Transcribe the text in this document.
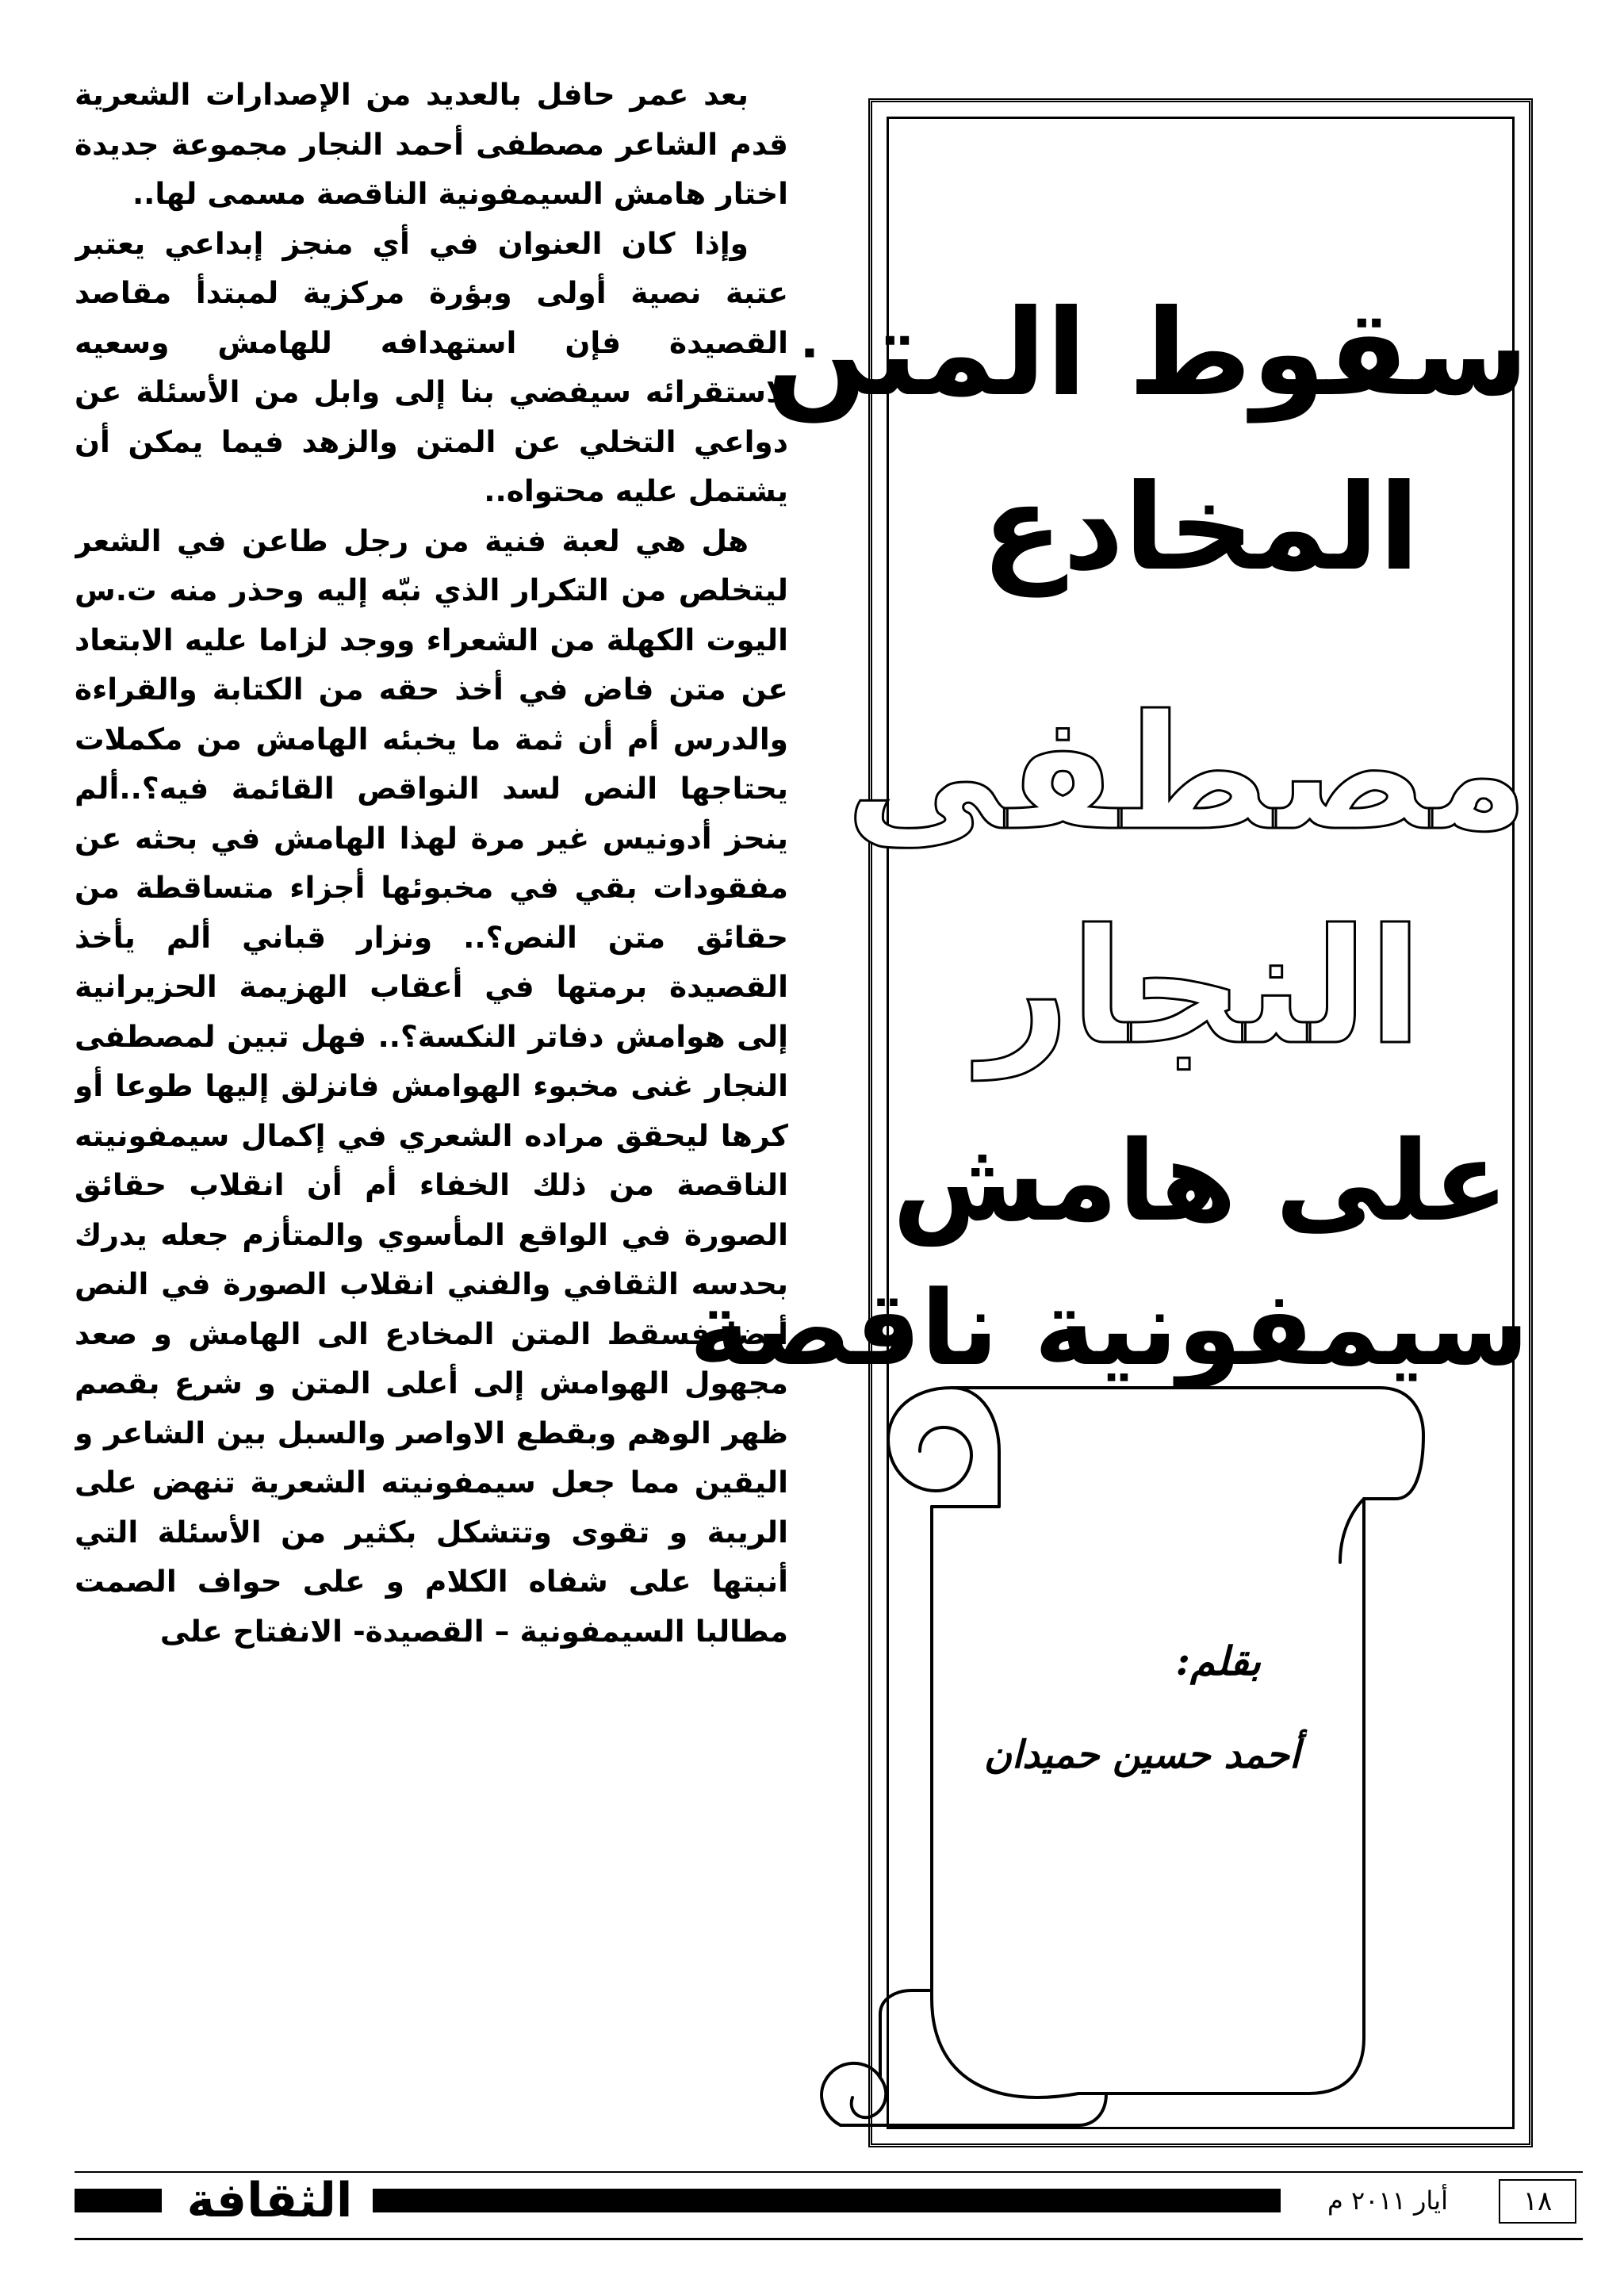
بعد عمر حافل بالعديد من الإصدارات الشعرية قدم الشاعر مصطفى أحمد النجار مجموعة جديدة اختار هامش السيمفونية الناقصة مسمى لها..

وإذا كان العنوان في أي منجز إبداعي يعتبر عتبة نصية أولى وبؤرة مركزية لمبتدأ مقاصد القصيدة فإن استهدافه للهامش وسعيه لاستقرائه سيفضي بنا إلى وابل من الأسئلة عن دواعي التخلي عن المتن والزهد فيما يمكن أن يشتمل عليه محتواه..

هل هي لعبة فنية من رجل طاعن في الشعر ليتخلص من التكرار الذي نبّه إليه وحذر منه ت.س اليوت الكهلة من الشعراء ووجد لزاما عليه الابتعاد عن متن فاض في أخذ حقه من الكتابة والقراءة والدرس أم أن ثمة ما يخبئه الهامش من مكملات يحتاجها النص لسد النواقص القائمة فيه؟..ألم ينحز أدونيس غير مرة لهذا الهامش في بحثه عن مفقودات بقي في مخبوئها أجزاء متساقطة من حقائق متن النص؟.. ونزار قباني ألم يأخذ القصيدة برمتها في أعقاب الهزيمة الحزيرانية إلى هوامش دفاتر النكسة؟.. فهل تبين لمصطفى النجار غنى مخبوء الهوامش فانزلق إليها طوعا أو كرها ليحقق مراده الشعري في إكمال سيمفونيته الناقصة من ذلك الخفاء أم أن انقلاب حقائق الصورة في الواقع المأسوي والمتأزم جعله يدرك بحدسه الثقافي والفني انقلاب الصورة في النص أيضا فسقط المتن المخادع الى الهامش و صعد مجهول الهوامش إلى أعلى المتن و شرع بقصم ظهر الوهم وبقطع الاواصر والسبل بين الشاعر و اليقين مما جعل سيمفونيته الشعرية تنهض على الريبة و تقوى وتتشكل بكثير من الأسئلة التي أنبتها على شفاه الكلام و على حواف الصمت مطالبا السيمفونية – القصيدة- الانفتاح على

سقوط المتن
المخادع
مصطفى
النجار
على هامش
سيمفونية ناقصة
بقلم:
أحمد حسين حميدان
الثقافة	أيار ٢٠١١ م	١٨
